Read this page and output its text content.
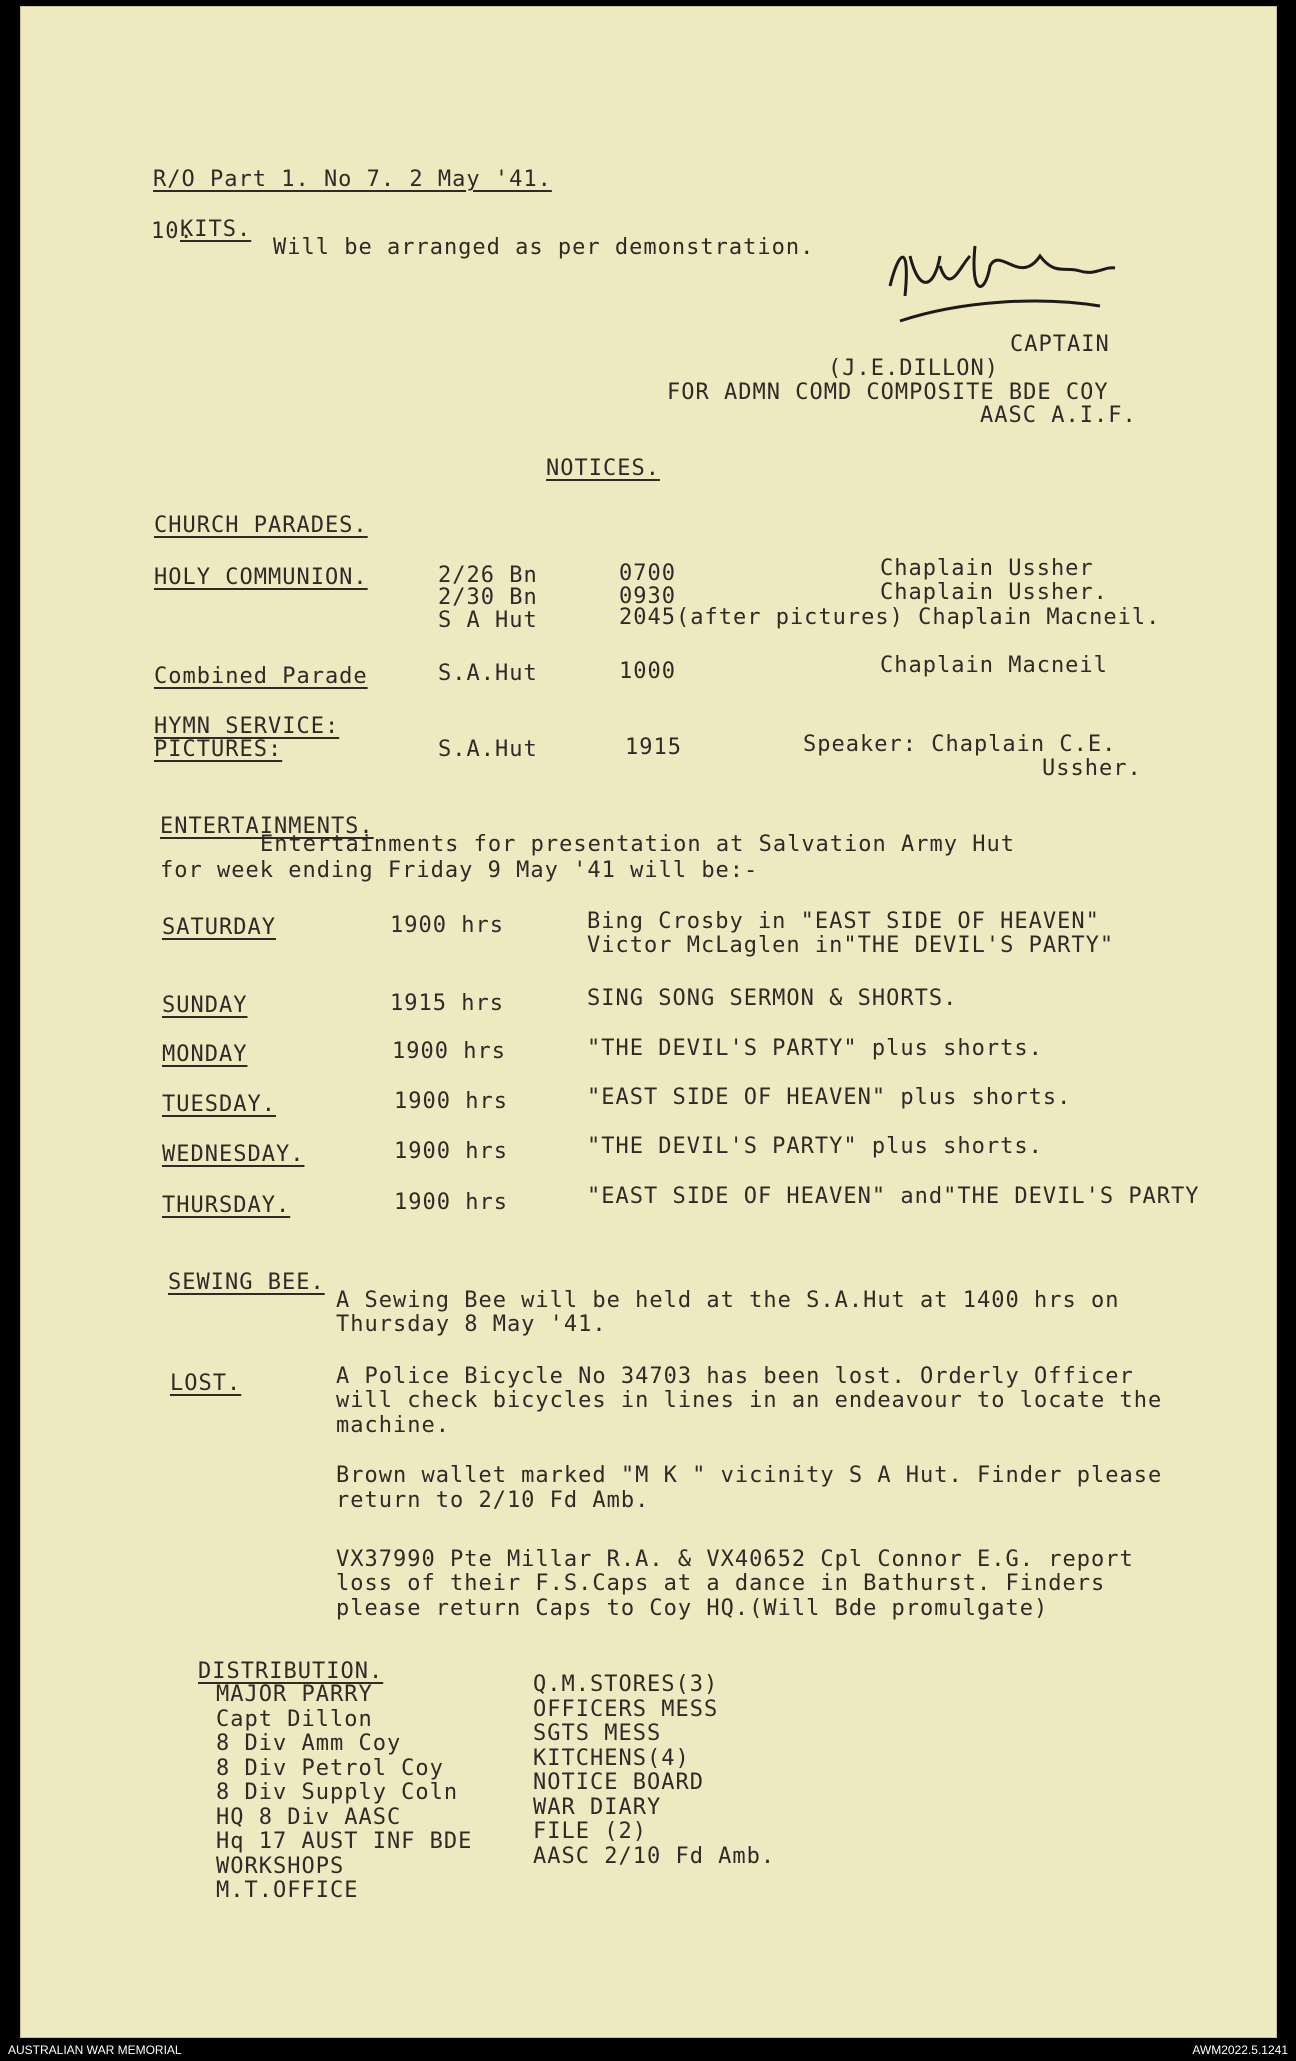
R/O Part 1. No 7. 2 May '41.
10.
KITS.
Will be arranged as per demonstration.
CAPTAIN
(J.E.DILLON)
FOR ADMN COMD COMPOSITE BDE COY
AASC A.I.F.
NOTICES.
CHURCH PARADES.
HOLY COMMUNION.	2/26 Bn	0700	Chaplain Ussher
2/30 Bn	0930	Chaplain Ussher.
S A Hut	2045(after pictures) Chaplain Macneil.
Combined Parade	S.A.Hut	1000	Chaplain Macneil
HYMN SERVICE:
PICTURES:	S.A.Hut	1915	Speaker: Chaplain C.E.
Ussher.
ENTERTAINMENTS.
Entertainments for presentation at Salvation Army Hut
for week ending Friday 9 May '41 will be:-
SATURDAY	1900 hrs	Bing Crosby in "EAST SIDE OF HEAVEN"
Victor McLaglen in"THE DEVIL'S PARTY"
SUNDAY	1915 hrs	SING SONG SERMON & SHORTS.
MONDAY	1900 hrs	"THE DEVIL'S PARTY" plus shorts.
TUESDAY.	1900 hrs	"EAST SIDE OF HEAVEN" plus shorts.
WEDNESDAY.	1900 hrs	"THE DEVIL'S PARTY" plus shorts.
THURSDAY.	1900 hrs	"EAST SIDE OF HEAVEN" and"THE DEVIL'S PARTY
SEWING BEE.
A Sewing Bee will be held at the S.A.Hut at 1400 hrs on
Thursday 8 May '41.
LOST.	A Police Bicycle No 34703 has been lost. Orderly Officer
will check bicycles in lines in an endeavour to locate the
machine.
Brown wallet marked "M K " vicinity S A Hut. Finder please
return to 2/10 Fd Amb.
VX37990 Pte Millar R.A. & VX40652 Cpl Connor E.G. report
loss of their F.S.Caps at a dance in Bathurst. Finders
please return Caps to Coy HQ.(Will Bde promulgate)
DISTRIBUTION.
MAJOR PARRY
Capt Dillon
8 Div Amm Coy
8 Div Petrol Coy
8 Div Supply Coln
HQ 8 Div AASC
Hq 17 AUST INF BDE
WORKSHOPS
M.T.OFFICE
Q.M.STORES(3)
OFFICERS MESS
SGTS MESS
KITCHENS(4)
NOTICE BOARD
WAR DIARY
FILE (2)
AASC 2/10 Fd Amb.
AUSTRALIAN WAR MEMORIAL	AWM2022.5.1241
